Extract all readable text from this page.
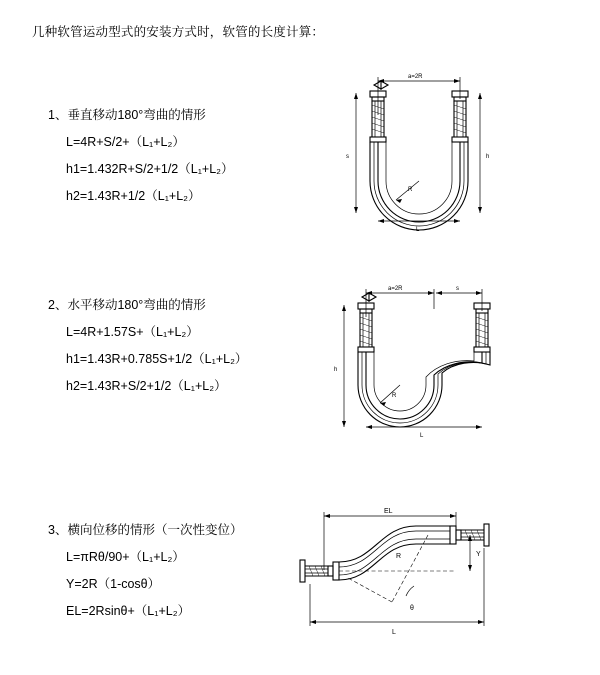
几种软管运动型式的安装方式时，软管的长度计算：

1、垂直移动180°弯曲的情形

L=4R+S/2+（L₁+L₂）

h1=1.432R+S/2+1/2（L₁+L₂）

h2=1.43R+1/2（L₁+L₂）

a=2R
R
L
h
s

2、水平移动180°弯曲的情形

L=4R+1.57S+（L₁+L₂）

h1=1.43R+0.785S+1/2（L₁+L₂）

h2=1.43R+S/2+1/2（L₁+L₂）

a=2R	s
R
h
L

3、横向位移的情形（一次性变位）

L=πRθ/90+（L₁+L₂）

Y=2R（1-cosθ）

EL=2Rsinθ+（L₁+L₂）

EL
θ
R	Y
L
